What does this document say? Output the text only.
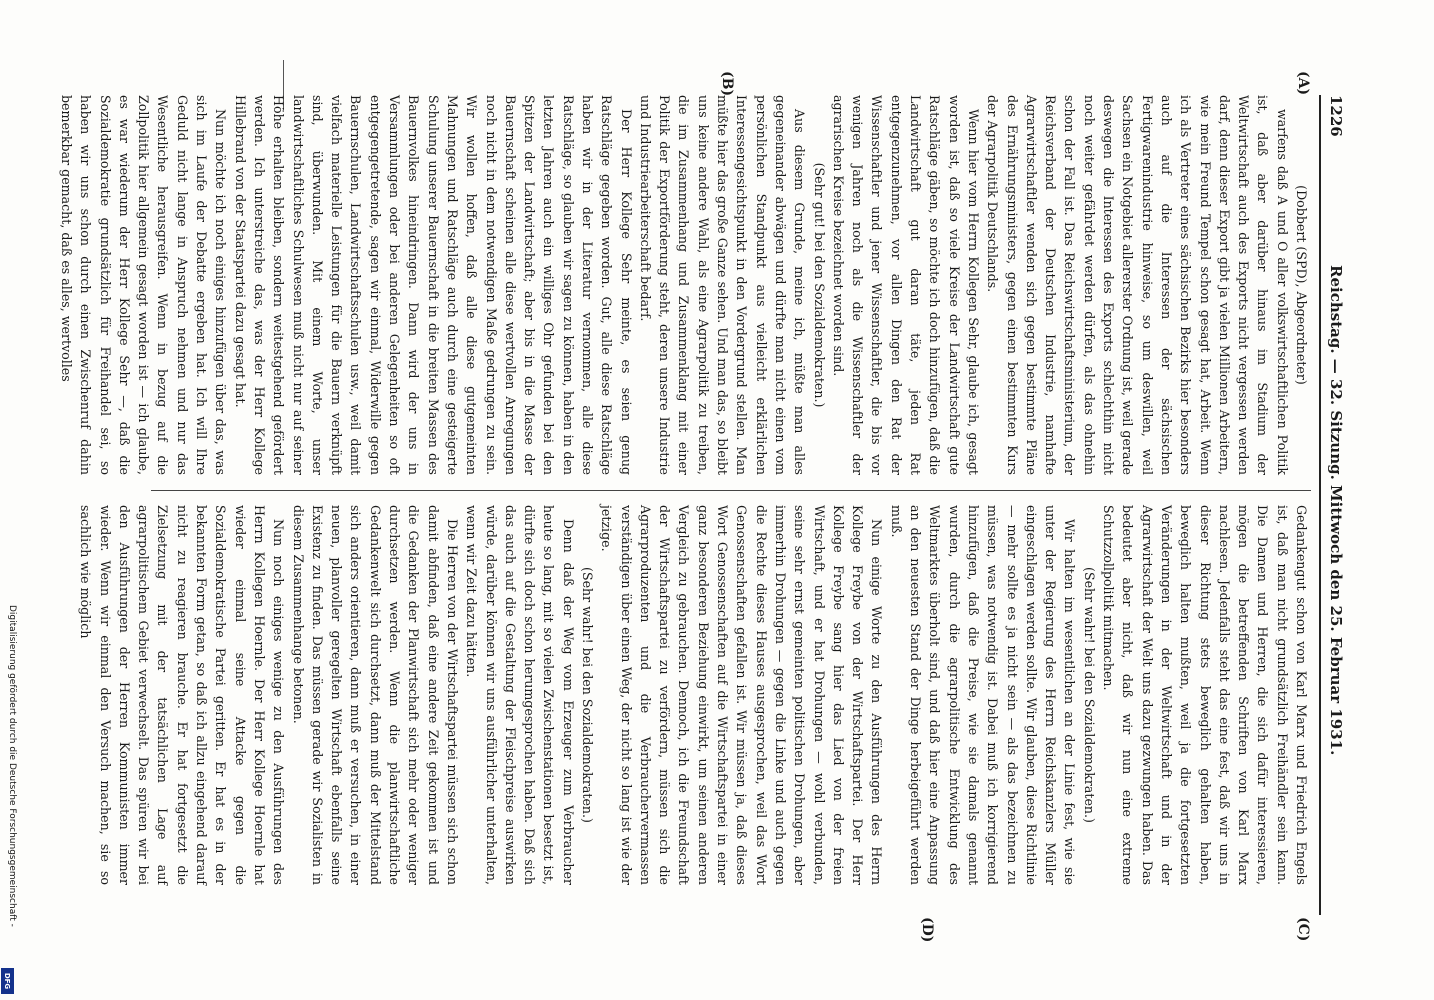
Digitalisierung gefördert durch die Deutsche Forschungsgemeinschaft -
DFG
1226
Reichstag. — 32. Sitzung. Mittwoch den 25. Februar 1931.

(Dobbert (SPD), Abgeordneter)

warfens daß A und O aller volkswirtschaftlichen Politik ist, daß aber darüber hinaus im Stadium der Weltwirtschaft auch des Exports nicht vergessen werden darf, denn dieser Export gibt ja vielen Millionen Arbeitern, wie mein Freund Tempel schon gesagt hat, Arbeit. Wenn ich als Vertreter eines sächsischen Bezirks hier besonders auch auf die Interessen der sächsischen Fertigwarenindustrie hinweise, so um deswillen, weil Sachsen ein Notgebiet allererster Ordnung ist, weil gerade deswegen die Interessen des Exports schlechthin nicht noch weiter gefährdet werden dürfen, als das ohnehin schon der Fall ist. Das Reichswirtschaftsministerium, der Reichsverband der Deutschen Industrie, namhafte Agrarwirtschaftler wenden sich gegen bestimmte Pläne des Ernährungsministers, gegen einen bestimmten Kurs der Agrarpolitik Deutschlands.

Wenn hier vom Herrn Kollegen Sehr, glaube ich, gesagt worden ist, daß so viele Kreise der Landwirtschaft gute Ratschläge gäben, so möchte ich doch hinzufügen, daß die Landwirtschaft gut daran täte, jeden Rat entgegenzunehmen, vor allen Dingen den Rat der Wissenschaftler und jener Wissenschaftler, die bis vor wenigen Jahren noch als die Wissenschaftler der agrarischen Kreise bezeichnet worden sind.

(Sehr gut! bei den Sozialdemokraten.)

Aus diesem Grunde, meine ich, müßte man alles gegeneinander abwägen und dürfte man nicht einen vom persönlichen Standpunkt aus vielleicht erklärlichen Interessengesichtspunkt in den Vordergrund stellen. Man müßte hier das große Ganze sehen. Und man das, so bleibt uns keine andere Wahl, als eine Agrarpolitik zu treiben, die im Zusammenhang und Zusammenklang mit einer Politik der Exportförderung steht, deren unsere Industrie und Industriearbeiterschaft bedarf.

Der Herr Kollege Sehr meinte, es seien genug Ratschläge gegeben worden. Gut, alle diese Ratschläge haben wir in der Literatur vernommen, alle diese Ratschläge, so glauben wir sagen zu können, haben in den letzten Jahren auch ein williges Ohr gefunden bei den Spitzen der Landwirtschaft; aber bis in die Masse der Bauernschaft scheinen alle diese wertvollen Anregungen noch nicht in dem notwendigen Maße gedrungen zu sein. Wir wollen hoffen, daß alle diese gutgemeinten Mahnungen und Ratschläge auch durch eine gesteigerte Schulung unserer Bauernschaft in die breiten Massen des Bauernvolkes hineindringen. Dann wird der uns in Versammlungen oder bei anderen Gelegenheiten so oft entgegengetretende, sagen wir einmal, Widerwille gegen Bauernschulen, Landwirtschaftsschulen usw., weil damit vielfach materielle Leistungen für die Bauern verknüpft sind, überwunden. Mit einem Worte, unser landwirtschaftliches Schulwesen muß nicht nur auf seiner Höhe erhalten bleiben, sondern weitestgehend gefördert werden. Ich unterstreiche das, was der Herr Kollege Hillebrand von der Staatspartei dazu gesagt hat.

Nun möchte ich noch einiges hinzufügen über das, was sich im Laufe der Debatte ergeben hat. Ich will Ihre Geduld nicht lange in Anspruch nehmen und nur das Wesentliche herausgreifen. Wenn in bezug auf die Zollpolitik hier allgemein gesagt worden ist — ich glaube, es war wiederum der Herr Kollege Sehr —, daß die Sozialdemokratie grundsätzlich für Freihandel sei, so haben wir uns schon durch einen Zwischenruf dahin bemerkbar gemacht, daß es alles, wertvolles

Gedankengut schon von Karl Marx und Friedrich Engels ist, daß man nicht grundsätzlich Freihändler sein kann. Die Damen und Herren, die sich dafür interessieren, mögen die betreffenden Schriften von Karl Marx nachlesen. Jedenfalls steht das eine fest, daß wir uns in dieser Richtung stets beweglich gehalten haben, beweglich halten mußten, weil ja die fortgesetzten Veränderungen in der Weltwirtschaft und in der Agrarwirtschaft der Welt uns dazu gezwungen haben. Das bedeutet aber nicht, daß wir nun eine extreme Schutzzollpolitik mitmachen.

(Sehr wahr! bei den Sozialdemokraten.)

Wir halten im wesentlichen an der Linie fest, wie sie unter der Regierung des Herrn Reichskanzlers Müller eingeschlagen werden sollte. Wir glauben, diese Richtlinie — mehr sollte es ja nicht sein — als das bezeichnen zu müssen, was notwendig ist. Dabei muß ich korrigierend hinzufügen, daß die Preise, wie sie damals genannt wurden, durch die agrarpolitische Entwicklung des Weltmarktes überholt sind, und daß hier eine Anpassung an den neuesten Stand der Dinge herbeigeführt werden muß.

Nun einige Worte zu den Ausführungen des Herrn Kollege Freybe von der Wirtschaftspartei. Der Herr Kollege Freybe sang hier das Lied von der freien Wirtschaft, und er hat Drohungen — wohl verbunden, seine sehr ernst gemeinten politischen Drohungen, aber immerhin Drohungen — gegen die Linke und auch gegen die Rechte dieses Hauses ausgesprochen, weil das Wort Genossenschaften gefallen ist. Wir müssen ja, daß dieses Wort Genossenschaften auf die Wirtschaftspartei in einer ganz besonderen Beziehung einwirkt, um seinen anderen Vergleich zu gebrauchen. Dennoch, ich die Freundschaft der Wirtschaftspartei zu verfördern, müssen sich die Agrarproduzenten und die Verbrauchervermassen verständigen über einen Weg, der nicht so lang ist wie der jetzige.

(Sehr wahr! bei den Sozialdemokraten.)

Denn daß der Weg vom Erzeuger zum Verbraucher heute so lang, mit so vielen Zwischenstationen besetzt ist, dürfte sich doch schon herumgesprochen haben. Daß sich das auch auf die Gestaltung der Fleischpreise auswirken würde, darüber können wir uns ausführlicher unterhalten, wenn wir Zeit dazu hätten.

Die Herren von der Wirtschaftspartei müssen sich schon damit abfinden, daß eine andere Zeit gekommen ist und die Gedanken der Planwirtschaft sich mehr oder weniger durchsetzen werden. Wenn die planwirtschaftliche Gedankenwelt sich durchsetzt, dann muß der Mittelstand sich anders orientieren, dann muß er versuchen, in einer neuen, planvoller geregelten Wirtschaft ebenfalls seine Existenz zu finden. Das müssen gerade wir Sozialisten in diesem Zusammenhange betonen.

Nun noch einiges wenige zu den Ausführungen des Herrn Kollegen Hoernle. Der Herr Kollege Hoernle hat wieder einmal seine Attacke gegen die Sozialdemokratische Partei geritten. Er hat es in der bekannten Form getan, so daß ich allzu eingehend darauf nicht zu reagieren brauche. Er hat fortgesetzt die Zielsetzung mit der tatsächlichen Lage auf agrarpolitischem Gebiet verwechselt. Das spüren wir bei den Ausführungen der Herren Kommunisten immer wieder. Wenn wir einmal den Versuch machen, sie so sachlich wie möglich

(A)
(B)
(C)
(D)
